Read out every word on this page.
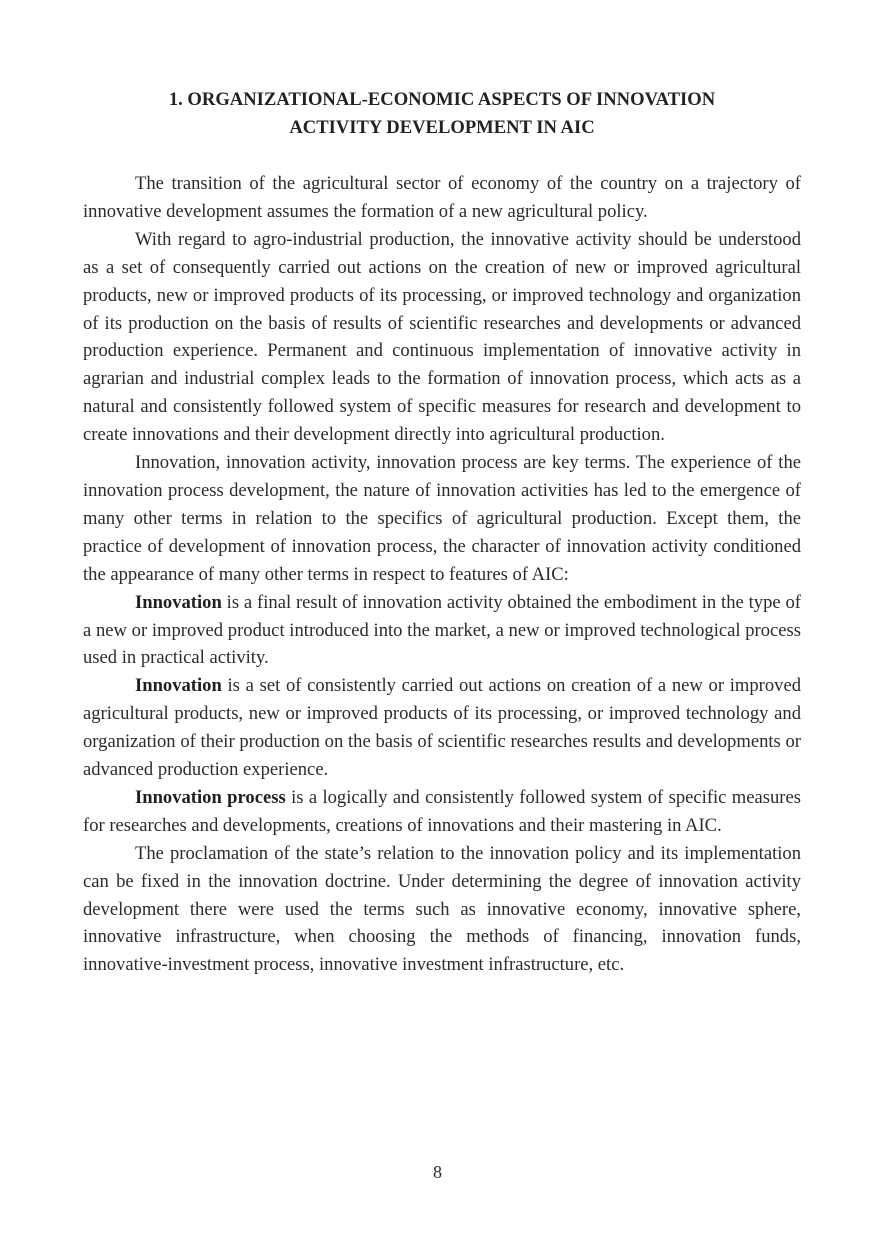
1. ORGANIZATIONAL-ECONOMIC ASPECTS OF INNOVATION
ACTIVITY DEVELOPMENT IN AIC

The transition of the agricultural sector of economy of the country on a trajectory of innovative development assumes the formation of a new agricultural policy.

With regard to agro-industrial production, the innovative activity should be understood as a set of consequently carried out actions on the creation of new or improved agricultural products, new or improved products of its processing, or improved technology and organization of its production on the basis of results of scientific researches and developments or advanced production experience. Permanent and continuous implementation of innovative activity in agrarian and industrial complex leads to the formation of innovation process, which acts as a natural and consistently followed system of specific measures for research and development to create innovations and their development directly into agricultural production.

Innovation, innovation activity, innovation process are key terms. The experience of the innovation process development, the nature of innovation activities has led to the emergence of many other terms in relation to the specifics of agricultural production. Except them, the practice of development of innovation process, the character of innovation activity conditioned the appearance of many other terms in respect to features of AIC:

Innovation is a final result of innovation activity obtained the embodiment in the type of a new or improved product introduced into the market, a new or improved technological process used in practical activity.

Innovation is a set of consistently carried out actions on creation of a new or improved agricultural products, new or improved products of its processing, or improved technology and organization of their production on the basis of scientific researches results and developments or advanced production experience.

Innovation process is a logically and consistently followed system of specific measures for researches and developments, creations of innovations and their mastering in AIC.

The proclamation of the state’s relation to the innovation policy and its implementation can be fixed in the innovation doctrine. Under determining the degree of innovation activity development there were used the terms such as innovative economy, innovative sphere, innovative infrastructure, when choosing the methods of financing, innovation funds, innovative-investment process, innovative investment infrastructure, etc.

8
